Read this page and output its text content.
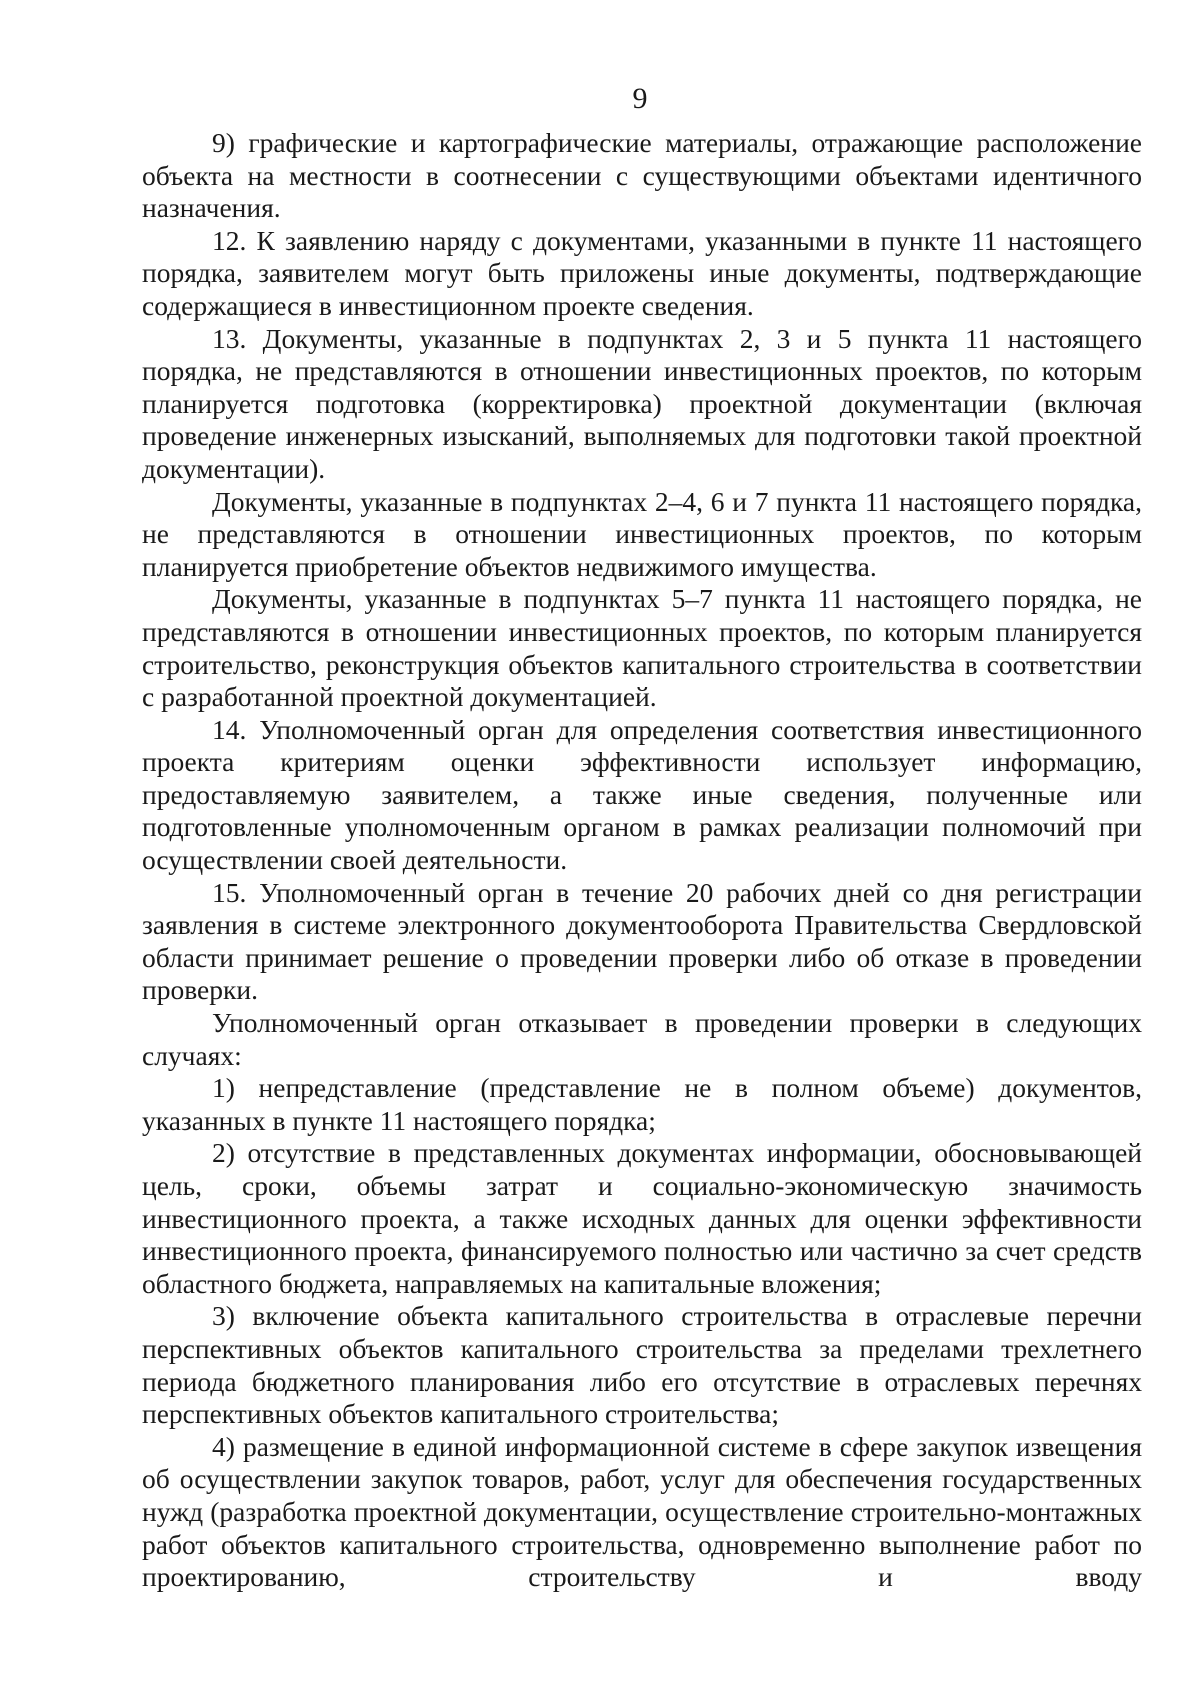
9

9) графические и картографические материалы, отражающие расположение объекта на местности в соотнесении с существующими объектами идентичного назначения.

12. К заявлению наряду с документами, указанными в пункте 11 настоящего порядка, заявителем могут быть приложены иные документы, подтверждающие содержащиеся в инвестиционном проекте сведения.

13. Документы, указанные в подпунктах 2, 3 и 5 пункта 11 настоящего порядка, не представляются в отношении инвестиционных проектов, по которым планируется подготовка (корректировка) проектной документации (включая проведение инженерных изысканий, выполняемых для подготовки такой проектной документации).

Документы, указанные в подпунктах 2–4, 6 и 7 пункта 11 настоящего порядка, не представляются в отношении инвестиционных проектов, по которым планируется приобретение объектов недвижимого имущества.

Документы, указанные в подпунктах 5–7 пункта 11 настоящего порядка, не представляются в отношении инвестиционных проектов, по которым планируется строительство, реконструкция объектов капитального строительства в соответствии с разработанной проектной документацией.

14. Уполномоченный орган для определения соответствия инвестиционного проекта критериям оценки эффективности использует информацию, предоставляемую заявителем, а также иные сведения, полученные или подготовленные уполномоченным органом в рамках реализации полномочий при осуществлении своей деятельности.

15. Уполномоченный орган в течение 20 рабочих дней со дня регистрации заявления в системе электронного документооборота Правительства Свердловской области принимает решение о проведении проверки либо об отказе в проведении проверки.

Уполномоченный орган отказывает в проведении проверки в следующих случаях:

1) непредставление (представление не в полном объеме) документов, указанных в пункте 11 настоящего порядка;

2) отсутствие в представленных документах информации, обосновывающей цель, сроки, объемы затрат и социально-экономическую значимость инвестиционного проекта, а также исходных данных для оценки эффективности инвестиционного проекта, финансируемого полностью или частично за счет средств областного бюджета, направляемых на капитальные вложения;

3) включение объекта капитального строительства в отраслевые перечни перспективных объектов капитального строительства за пределами трехлетнего периода бюджетного планирования либо его отсутствие в отраслевых перечнях перспективных объектов капитального строительства;

4) размещение в единой информационной системе в сфере закупок извещения об осуществлении закупок товаров, работ, услуг для обеспечения государственных нужд (разработка проектной документации, осуществление строительно-монтажных работ объектов капитального строительства, одновременно выполнение работ по проектированию, строительству и вводу
